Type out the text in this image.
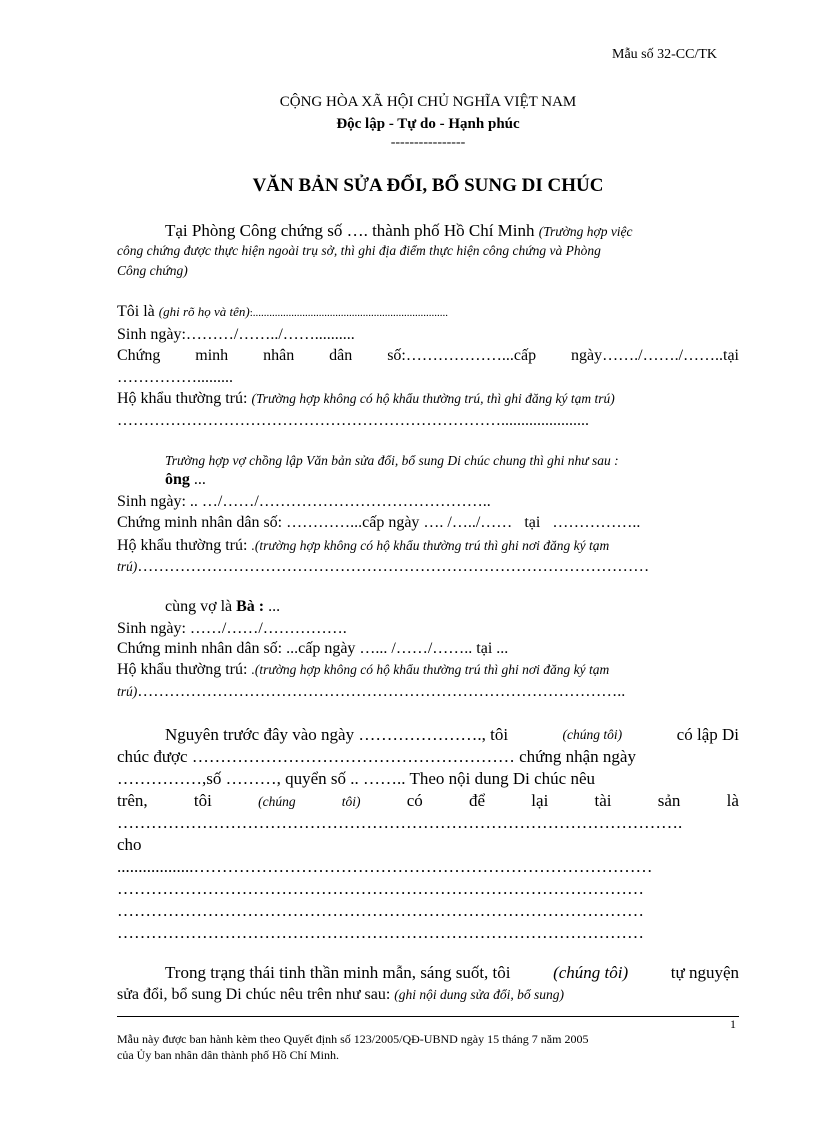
Mẫu số 32-CC/TK
CỘNG HÒA XÃ HỘI CHỦ NGHĨA VIỆT NAM
Độc lập - Tự do - Hạnh phúc
----------------
VĂN BẢN SỬA ĐỔI, BỔ SUNG DI CHÚC
Tại Phòng Công chứng số …. thành phố Hồ Chí Minh (Trường hợp việc
công chứng được thực hiện ngoài trụ sở, thì ghi địa điểm thực hiện công chứng và Phòng
Công chứng)
Tôi là (ghi rõ họ và tên):.......................................................................
Sinh ngày:………/……../……..........
Chứng minh nhân dân số:………………...cấp ngày……./……./……..tại
…………….........
Hộ khẩu thường trú: (Trường hợp không có hộ khẩu thường trú, thì ghi đăng ký tạm trú)
………………………………………………………………......................
Trường hợp vợ chồng lập Văn bản sửa đổi, bổ sung Di chúc chung thì ghi như sau :
ông ...
Sinh ngày: .. …/……/……………………………………..
Chứng minh nhân dân số: …………...cấp ngày …. /…../…… tại ……………..
Hộ khẩu thường trú: .(trường hợp không có hộ khẩu thường trú thì ghi nơi đăng ký tạm
trú)……………………………………………………………………………………
cùng vợ là Bà : ...
Sinh ngày: ……/……/…………….
Chứng minh nhân dân số: ...cấp ngày …... /……/…….. tại ...
Hộ khẩu thường trú: .(trường hợp không có hộ khẩu thường trú thì ghi nơi đăng ký tạm
trú)………………………………………………………………………………..
Nguyên trước đây vào ngày …………………., tôi	(chúng tôi)	có lập Di
chúc được ………………………………………………… chứng nhận ngày
……………,số ………, quyển số .. …….. Theo nội dung Di chúc nêu
trên,	tôi	(chúng	tôi)	có	để	lại	tài	sản	là
……………………………………………………………………………………….
cho
..................………………………………………………………………………
…………………………………………………………………………………
…………………………………………………………………………………
…………………………………………………………………………………
Trong trạng thái tinh thần minh mẫn, sáng suốt, tôi	(chúng tôi)	tự nguyện
sửa đổi, bổ sung Di chúc nêu trên như sau: (ghi nội dung sửa đổi, bổ sung)
1
Mẫu này được ban hành kèm theo Quyết định số 123/2005/QĐ-UBND ngày 15 tháng 7 năm 2005
của Ủy ban nhân dân thành phố Hồ Chí Minh.
